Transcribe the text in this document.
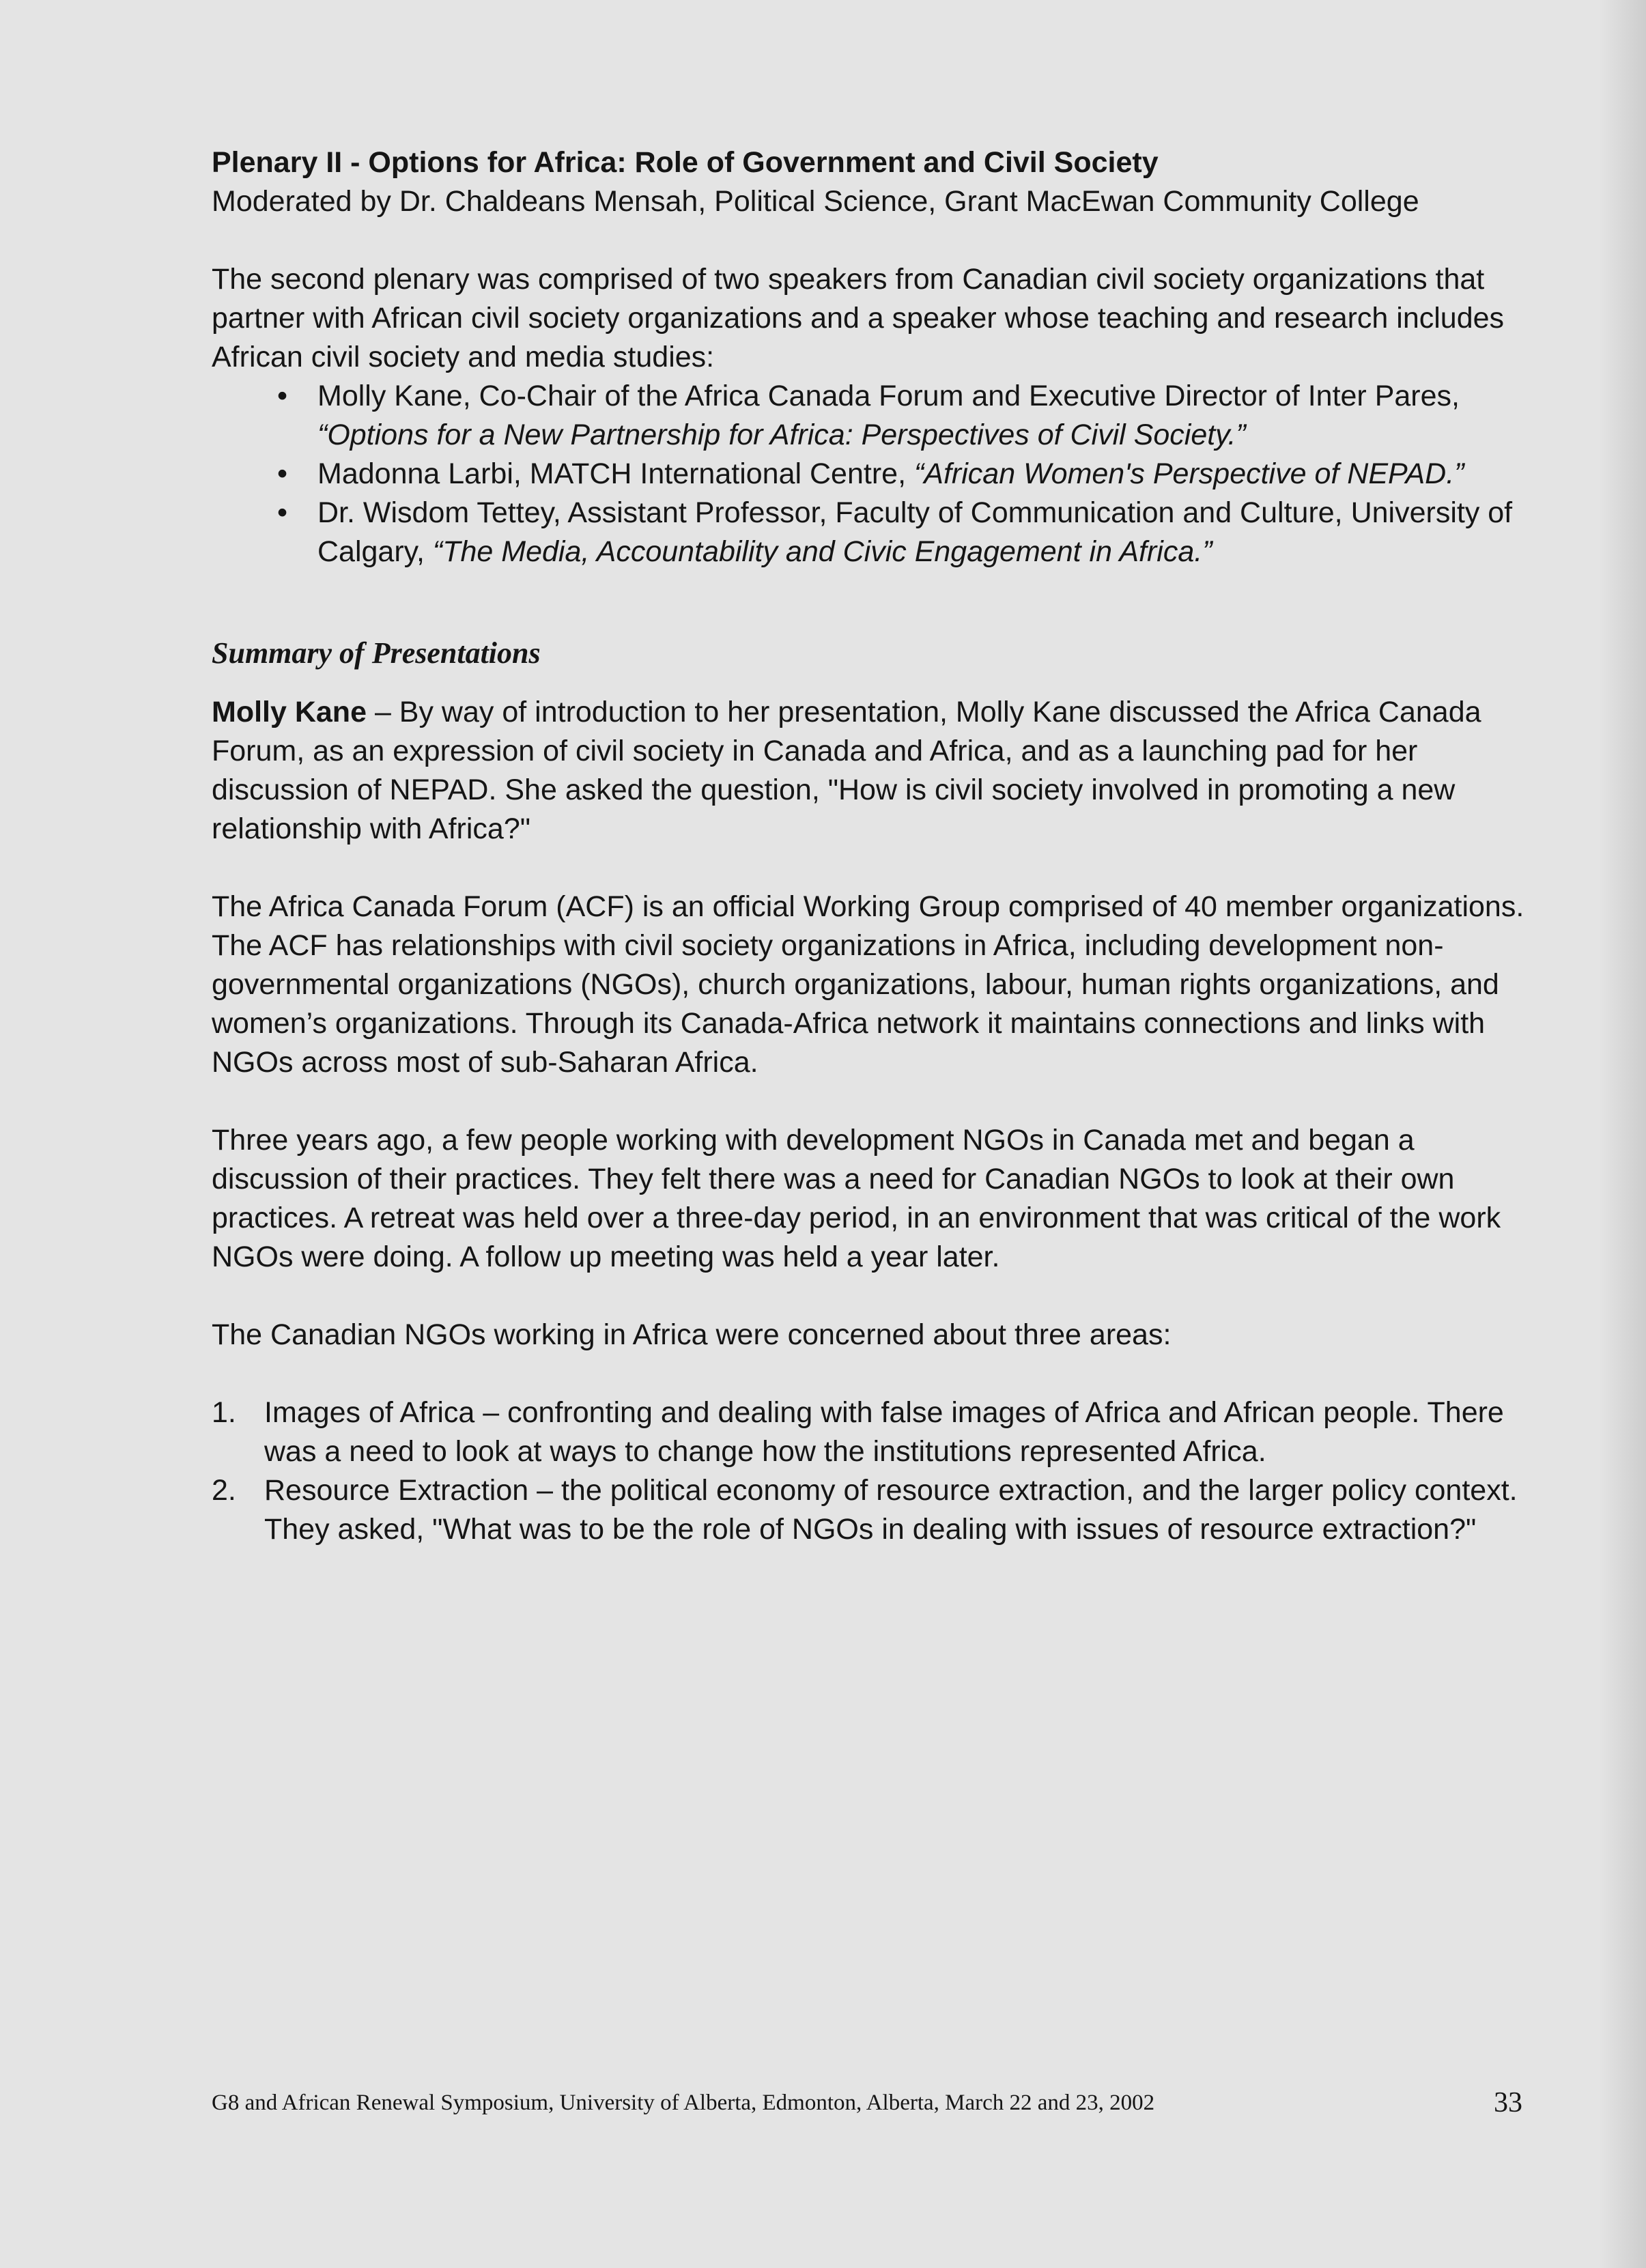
Plenary II - Options for Africa: Role of Government and Civil Society

Moderated by Dr. Chaldeans Mensah, Political Science, Grant MacEwan Community College

The second plenary was comprised of two speakers from Canadian civil society organizations that partner with African civil society organizations and a speaker whose teaching and research includes African civil society and media studies:

• Molly Kane, Co-Chair of the Africa Canada Forum and Executive Director of Inter Pares, “Options for a New Partnership for Africa: Perspectives of Civil Society.”
• Madonna Larbi, MATCH International Centre, “African Women's Perspective of NEPAD.”
• Dr. Wisdom Tettey, Assistant Professor, Faculty of Communication and Culture, University of Calgary, “The Media, Accountability and Civic Engagement in Africa.”
Summary of Presentations

Molly Kane – By way of introduction to her presentation, Molly Kane discussed the Africa Canada Forum, as an expression of civil society in Canada and Africa, and as a launching pad for her discussion of NEPAD. She asked the question, "How is civil society involved in promoting a new relationship with Africa?"

The Africa Canada Forum (ACF) is an official Working Group comprised of 40 member organizations. The ACF has relationships with civil society organizations in Africa, including development non-governmental organizations (NGOs), church organizations, labour, human rights organizations, and women’s organizations. Through its Canada-Africa network it maintains connections and links with NGOs across most of sub-Saharan Africa.

Three years ago, a few people working with development NGOs in Canada met and began a discussion of their practices. They felt there was a need for Canadian NGOs to look at their own practices. A retreat was held over a three-day period, in an environment that was critical of the work NGOs were doing. A follow up meeting was held a year later.

The Canadian NGOs working in Africa were concerned about three areas:

1. Images of Africa – confronting and dealing with false images of Africa and African people. There was a need to look at ways to change how the institutions represented Africa.
2. Resource Extraction – the political economy of resource extraction, and the larger policy context. They asked, "What was to be the role of NGOs in dealing with issues of resource extraction?"
G8 and African Renewal Symposium, University of Alberta, Edmonton, Alberta, March 22 and 23, 2002	33
